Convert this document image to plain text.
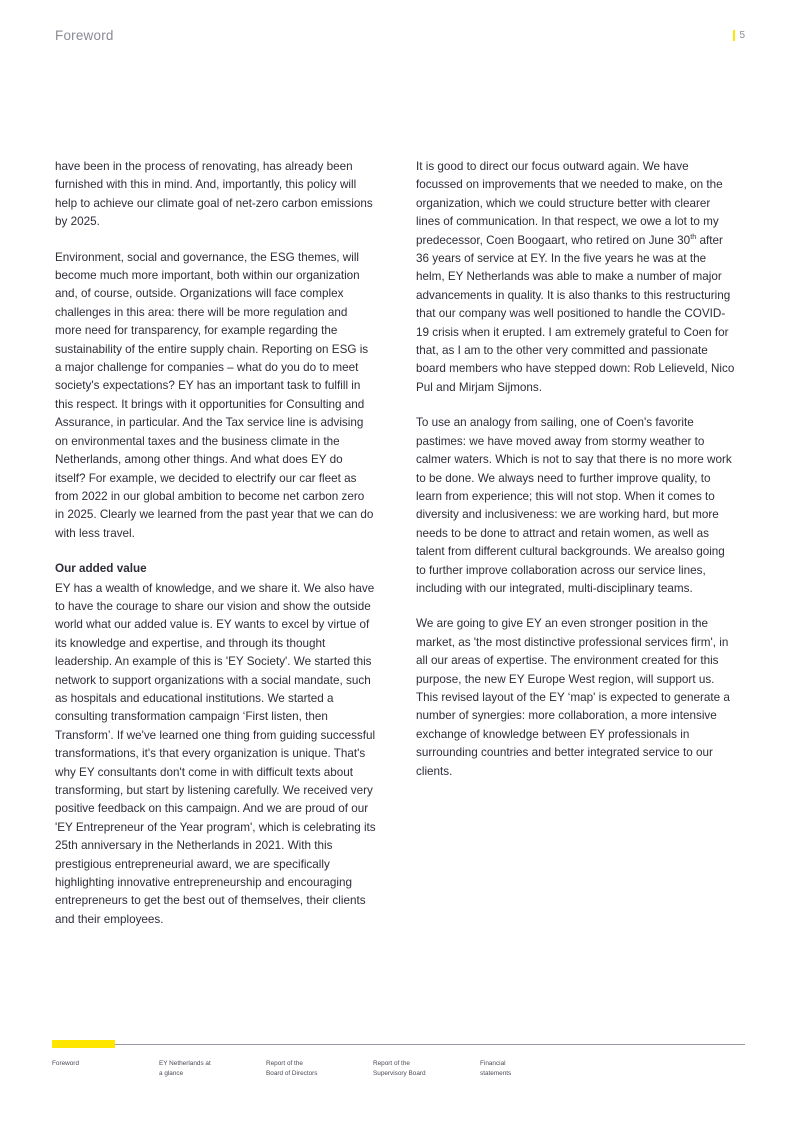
Foreword	5

have been in the process of renovating, has already been furnished with this in mind. And, importantly, this policy will help to achieve our climate goal of net-zero carbon emissions by 2025.

Environment, social and governance, the ESG themes, will become much more important, both within our organization and, of course, outside. Organizations will face complex challenges in this area: there will be more regulation and more need for transparency, for example regarding the sustainability of the entire supply chain. Reporting on ESG is a major challenge for companies – what do you do to meet society's expectations? EY has an important task to fulfill in this respect. It brings with it opportunities for Consulting and Assurance, in particular. And the Tax service line is advising on environmental taxes and the business climate in the Netherlands, among other things. And what does EY do itself? For example, we decided to electrify our car fleet as from 2022 in our global ambition to become net carbon zero in 2025. Clearly we learned from the past year that we can do with less travel.

Our added value

EY has a wealth of knowledge, and we share it. We also have to have the courage to share our vision and show the outside world what our added value is. EY wants to excel by virtue of its knowledge and expertise, and through its thought leadership. An example of this is 'EY Society'. We started this network to support organizations with a social mandate, such as hospitals and educational institutions. We started a consulting transformation campaign ‘First listen, then Transform’. If we've learned one thing from guiding successful transformations, it's that every organization is unique. That's why EY consultants don't come in with difficult texts about transforming, but start by listening carefully. We received very positive feedback on this campaign. And we are proud of our 'EY Entrepreneur of the Year program', which is celebrating its 25th anniversary in the Netherlands in 2021. With this prestigious entrepreneurial award, we are specifically highlighting innovative entrepreneurship and encouraging entrepreneurs to get the best out of themselves, their clients and their employees.

It is good to direct our focus outward again. We have focussed on improvements that we needed to make, on the organization, which we could structure better with clearer lines of communication. In that respect, we owe a lot to my predecessor, Coen Boogaart, who retired on June 30th after 36 years of service at EY. In the five years he was at the helm, EY Netherlands was able to make a number of major advancements in quality. It is also thanks to this restructuring that our company was well positioned to handle the COVID-19 crisis when it erupted. I am extremely grateful to Coen for that, as I am to the other very committed and passionate board members who have stepped down: Rob Lelieveld, Nico Pul and Mirjam Sijmons.

To use an analogy from sailing, one of Coen's favorite pastimes: we have moved away from stormy weather to calmer waters. Which is not to say that there is no more work to be done. We always need to further improve quality, to learn from experience; this will not stop. When it comes to diversity and inclusiveness: we are working hard, but more needs to be done to attract and retain women, as well as talent from different cultural backgrounds. We arealso going to further improve collaboration across our service lines, including with our integrated, multi-disciplinary teams.

We are going to give EY an even stronger position in the market, as 'the most distinctive professional services firm', in all our areas of expertise. The environment created for this purpose, the new EY Europe West region, will support us. This revised layout of the EY ‘map' is expected to generate a number of synergies: more collaboration, a more intensive exchange of knowledge between EY professionals in surrounding countries and better integrated service to our clients.

Foreword	EY Netherlands at
a glance
Report of the
Board of Directors
Report of the
Supervisory Board
Financial
statements
